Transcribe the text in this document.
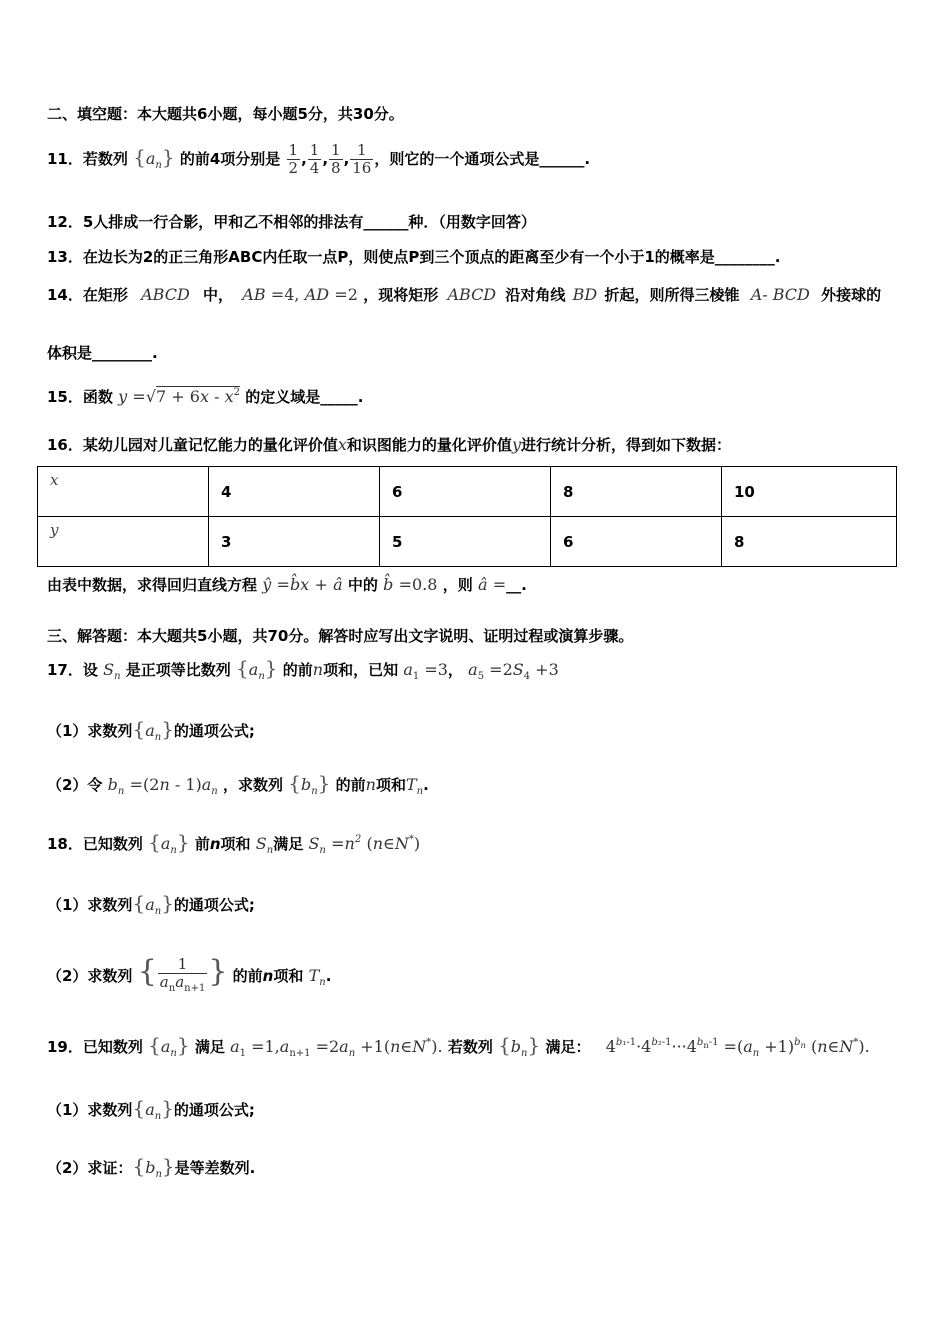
二、填空题：本大题共6小题，每小题5分，共30分。
11．若数列 $\{a_n\}$ 的前4项分别是 $\frac{1}{2}$ , $\frac{1}{4}$ , $\frac{1}{8}$ , $\frac{1}{16}$ ，则它的一个通项公式是______.
12．5人排成一行合影，甲和乙不相邻的排法有______种．（用数字回答）
13．在边长为2的正三角形ABC内任取一点P，则使点P到三个顶点的距离至少有一个小于1的概率是________.
14．在矩形 ABCD 中， AB =4, AD =2 ，现将矩形 ABCD 沿对角线 BD 折起，则所得三棱锥 A- BCD 外接球的
体积是________.
15．函数 $y =√7 + 6x - x^2$ 的定义域是_____.
16．某幼儿园对儿童记忆能力的量化评价值x和识图能力的量化评价值y进行统计分析，得到如下数据：
x	4	6	8	10
y	3	5	6	8
由表中数据，求得回归直线方程 ŷ =b̂x + â 中的 b̂ =0.8 ，则 â =__.
三、解答题：本大题共5小题，共70分。解答时应写出文字说明、证明过程或演算步骤。
17．设 $S_n$ 是正项等比数列 $\{a_n\}$ 的前n项和，已知 $a_1 =3$， $a_5 =2S_4 +3$
（1）求数列$\{a_n\}$的通项公式;
（2）令 $b_n =(2n - 1)a_n$ ，求数列 $\{b_n\}$ 的前n项和$T_n$.
18．已知数列 $\{a_n\}$ 前n项和 $S_n$满足 $S_n =n^2$ (n∈N*)
（1）求数列$\{a_n\}$的通项公式;
（2）求数列 { $\frac{1}{a_na_{n+1}}$ } 的前n项和 $T_n$.
19．已知数列 $\{a_n\}$ 满足 $a_1 =1,a_{n+1} =2a_n$ +1(n∈N*). 若数列 $\{b_n\}$ 满足： $4^{b_1-1}\cdot 4^{b_2-1}\cdot\cdot\cdot 4^{b_n-1} =(a_n +1)^{b_n}$ (n∈N*).
（1）求数列$\{a_n\}$的通项公式;
（2）求证：$\{b_n\}$是等差数列.
